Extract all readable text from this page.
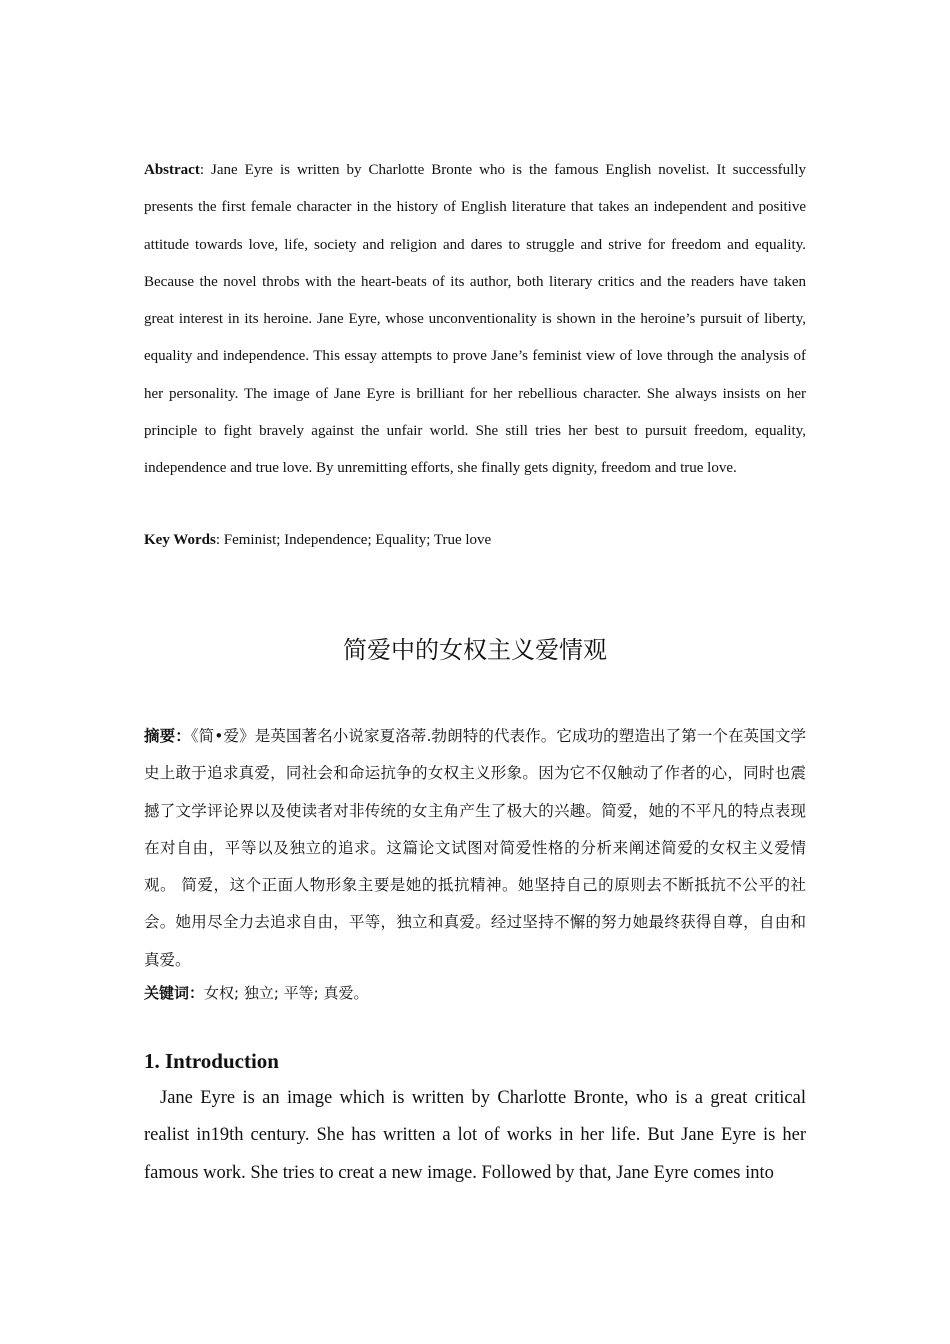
Abstract: Jane Eyre is written by Charlotte Bronte who is the famous English novelist. It successfully presents the first female character in the history of English literature that takes an independent and positive attitude towards love, life, society and religion and dares to struggle and strive for freedom and equality. Because the novel throbs with the heart-beats of its author, both literary critics and the readers have taken great interest in its heroine. Jane Eyre, whose unconventionality is shown in the heroine’s pursuit of liberty, equality and independence. This essay attempts to prove Jane’s feminist view of love through the analysis of her personality. The image of Jane Eyre is brilliant for her rebellious character. She always insists on her principle to fight bravely against the unfair world. She still tries her best to pursuit freedom, equality, independence and true love. By unremitting efforts, she finally gets dignity, freedom and true love.
Key Words: Feminist; Independence; Equality; True love
简爱中的女权主义爱情观
摘要：《简•爱》是英国著名小说家夏洛蒂.勃朗特的代表作。它成功的塑造出了第一个在英国文学史上敢于追求真爱，同社会和命运抗争的女权主义形象。因为它不仅触动了作者的心，同时也震撼了文学评论界以及使读者对非传统的女主角产生了极大的兴趣。简爱，她的不平凡的特点表现在对自由，平等以及独立的追求。这篇论文试图对简爱性格的分析来阐述简爱的女权主义爱情观。 简爱，这个正面人物形象主要是她的抵抗精神。她坚持自己的原则去不断抵抗不公平的社会。她用尽全力去追求自由，平等，独立和真爱。经过坚持不懈的努力她最终获得自尊，自由和真爱。
关键词：女权; 独立; 平等; 真爱。
1. Introduction
Jane Eyre is an image which is written by Charlotte Bronte, who is a great critical realist in19th century. She has written a lot of works in her life. But Jane Eyre is her famous work. She tries to creat a new image. Followed by that, Jane Eyre comes into
